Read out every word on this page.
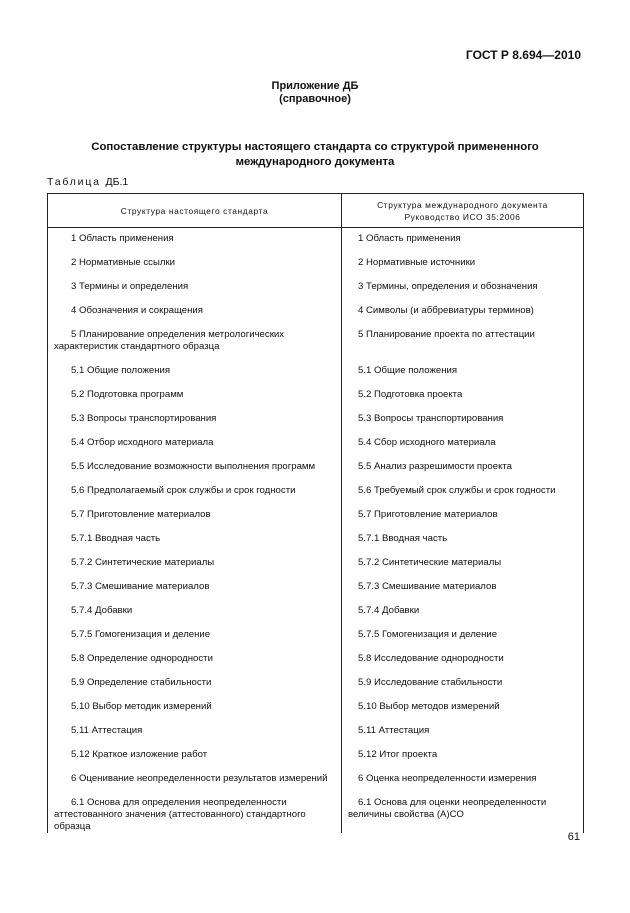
ГОСТ Р 8.694—2010
Приложение ДБ
(справочное)
Сопоставление структуры настоящего стандарта со структурой примененного
международного документа
Таблица ДБ.1
Структура настоящего стандарта	Структура международного документа
Руководство ИСО 35:2006

1 Область применения	1 Область применения

2 Нормативные ссылки	2 Нормативные источники

3 Термины и определения	3 Термины, определения и обозначения

4 Обозначения и сокращения	4 Символы (и аббревиатуры терминов)

5 Планирование определения метрологических характеристик стандартного образца	5 Планирование проекта по аттестации

5.1 Общие положения	5.1 Общие положения

5.2 Подготовка программ	5.2 Подготовка проекта

5.3 Вопросы транспортирования	5.3 Вопросы транспортирования

5.4 Отбор исходного материала	5.4 Сбор исходного материала

5.5 Исследование возможности выполнения программ	5.5 Анализ разрешимости проекта

5.6 Предполагаемый срок службы и срок годности	5.6 Требуемый срок службы и срок годности

5.7 Приготовление материалов	5.7 Приготовление материалов

5.7.1 Вводная часть	5.7.1 Вводная часть

5.7.2 Синтетические материалы	5.7.2 Синтетические материалы

5.7.3 Смешивание материалов	5.7.3 Смешивание материалов

5.7.4 Добавки	5.7.4 Добавки

5.7.5 Гомогенизация и деление	5.7.5 Гомогенизация и деление

5.8 Определение однородности	5.8 Исследование однородности

5.9 Определение стабильности	5.9 Исследование стабильности

5.10 Выбор методик измерений	5.10 Выбор методов измерений

5.11 Аттестация	5.11 Аттестация

5.12 Краткое изложение работ	5.12 Итог проекта

6 Оценивание неопределенности результатов измерений	6 Оценка неопределенности измерения

6.1 Основа для определения неопределенности аттестованного значения (аттестованного) стандартного образца	6.1 Основа для оценки неопределенности величины свойства (А)СО
61
